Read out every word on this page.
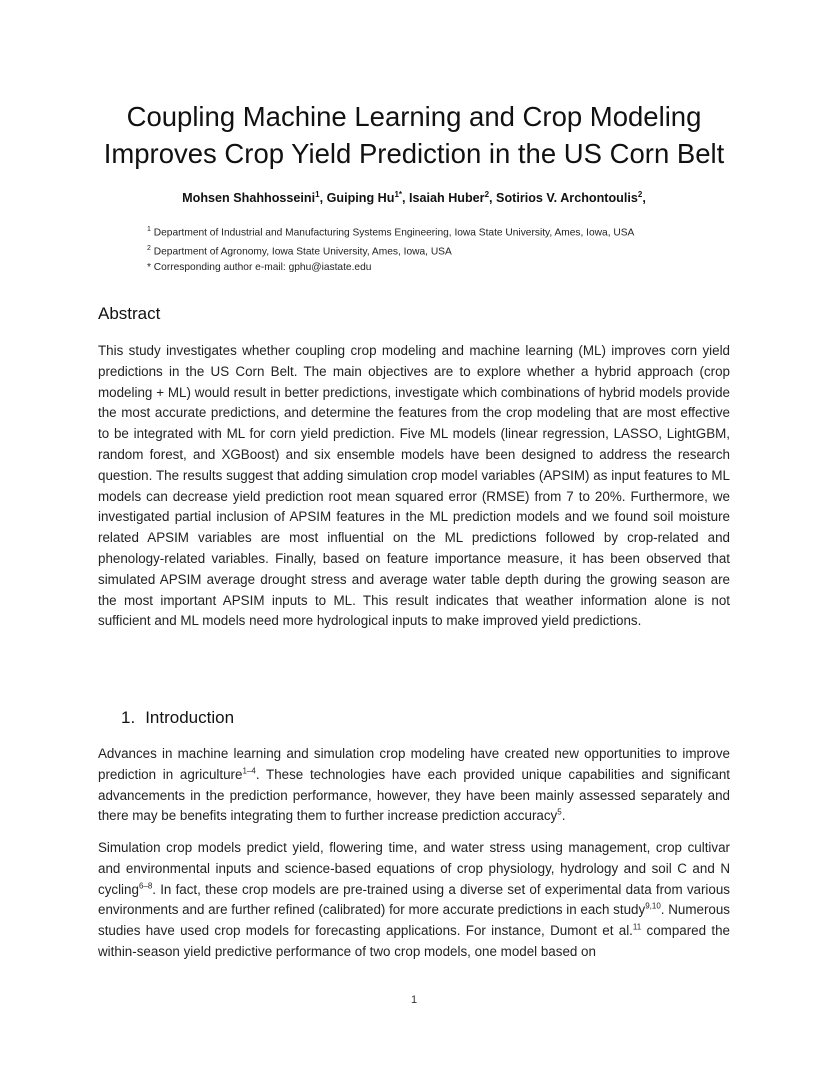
Coupling Machine Learning and Crop Modeling
Improves Crop Yield Prediction in the US Corn Belt
Mohsen Shahhosseini$^1$, Guiping $Hu^{1*}$, Isaiah Huber$^2$, Sotirios V. Archontoulis$^2$,
$^1$ Department of Industrial and Manufacturing Systems Engineering, Iowa State University, Ames, Iowa, USA
$^2$ Department of Agronomy, Iowa State University, Ames, Iowa, USA
* Corresponding author e-mail: gphu@iastate.edu
Abstract

This study investigates whether coupling crop modeling and machine learning (ML) improves corn yield predictions in the US Corn Belt. The main objectives are to explore whether a hybrid approach (crop modeling + ML) would result in better predictions, investigate which combinations of hybrid models provide the most accurate predictions, and determine the features from the crop modeling that are most effective to be integrated with ML for corn yield prediction. Five ML models (linear regression, LASSO, LightGBM, random forest, and XGBoost) and six ensemble models have been designed to address the research question. The results suggest that adding simulation crop model variables (APSIM) as input features to ML models can decrease yield prediction root mean squared error (RMSE) from 7 to 20%. Furthermore, we investigated partial inclusion of APSIM features in the ML prediction models and we found soil moisture related APSIM variables are most influential on the ML predictions followed by crop-related and phenology-related variables. Finally, based on feature importance measure, it has been observed that simulated APSIM average drought stress and average water table depth during the growing season are the most important APSIM inputs to ML. This result indicates that weather information alone is not sufficient and ML models need more hydrological inputs to make improved yield predictions.

1. Introduction

Advances in machine learning and simulation crop modeling have created new opportunities to improve prediction in agriculture$^{1-4}$. These technologies have each provided unique capabilities and significant advancements in the prediction performance, however, they have been mainly assessed separately and there may be benefits integrating them to further increase prediction accuracy$^5$.

Simulation crop models predict yield, flowering time, and water stress using management, crop cultivar and environmental inputs and science-based equations of crop physiology, hydrology and soil C and N cycling$^{6-8}$. In fact, these crop models are pre-trained using a diverse set of experimental data from various environments and are further refined (calibrated) for more accurate predictions in each study$^{9,10}$. Numerous studies have used crop models for forecasting applications. For instance, Dumont et al.$^{11}$ compared the within-season yield predictive performance of two crop models, one model based on

1
